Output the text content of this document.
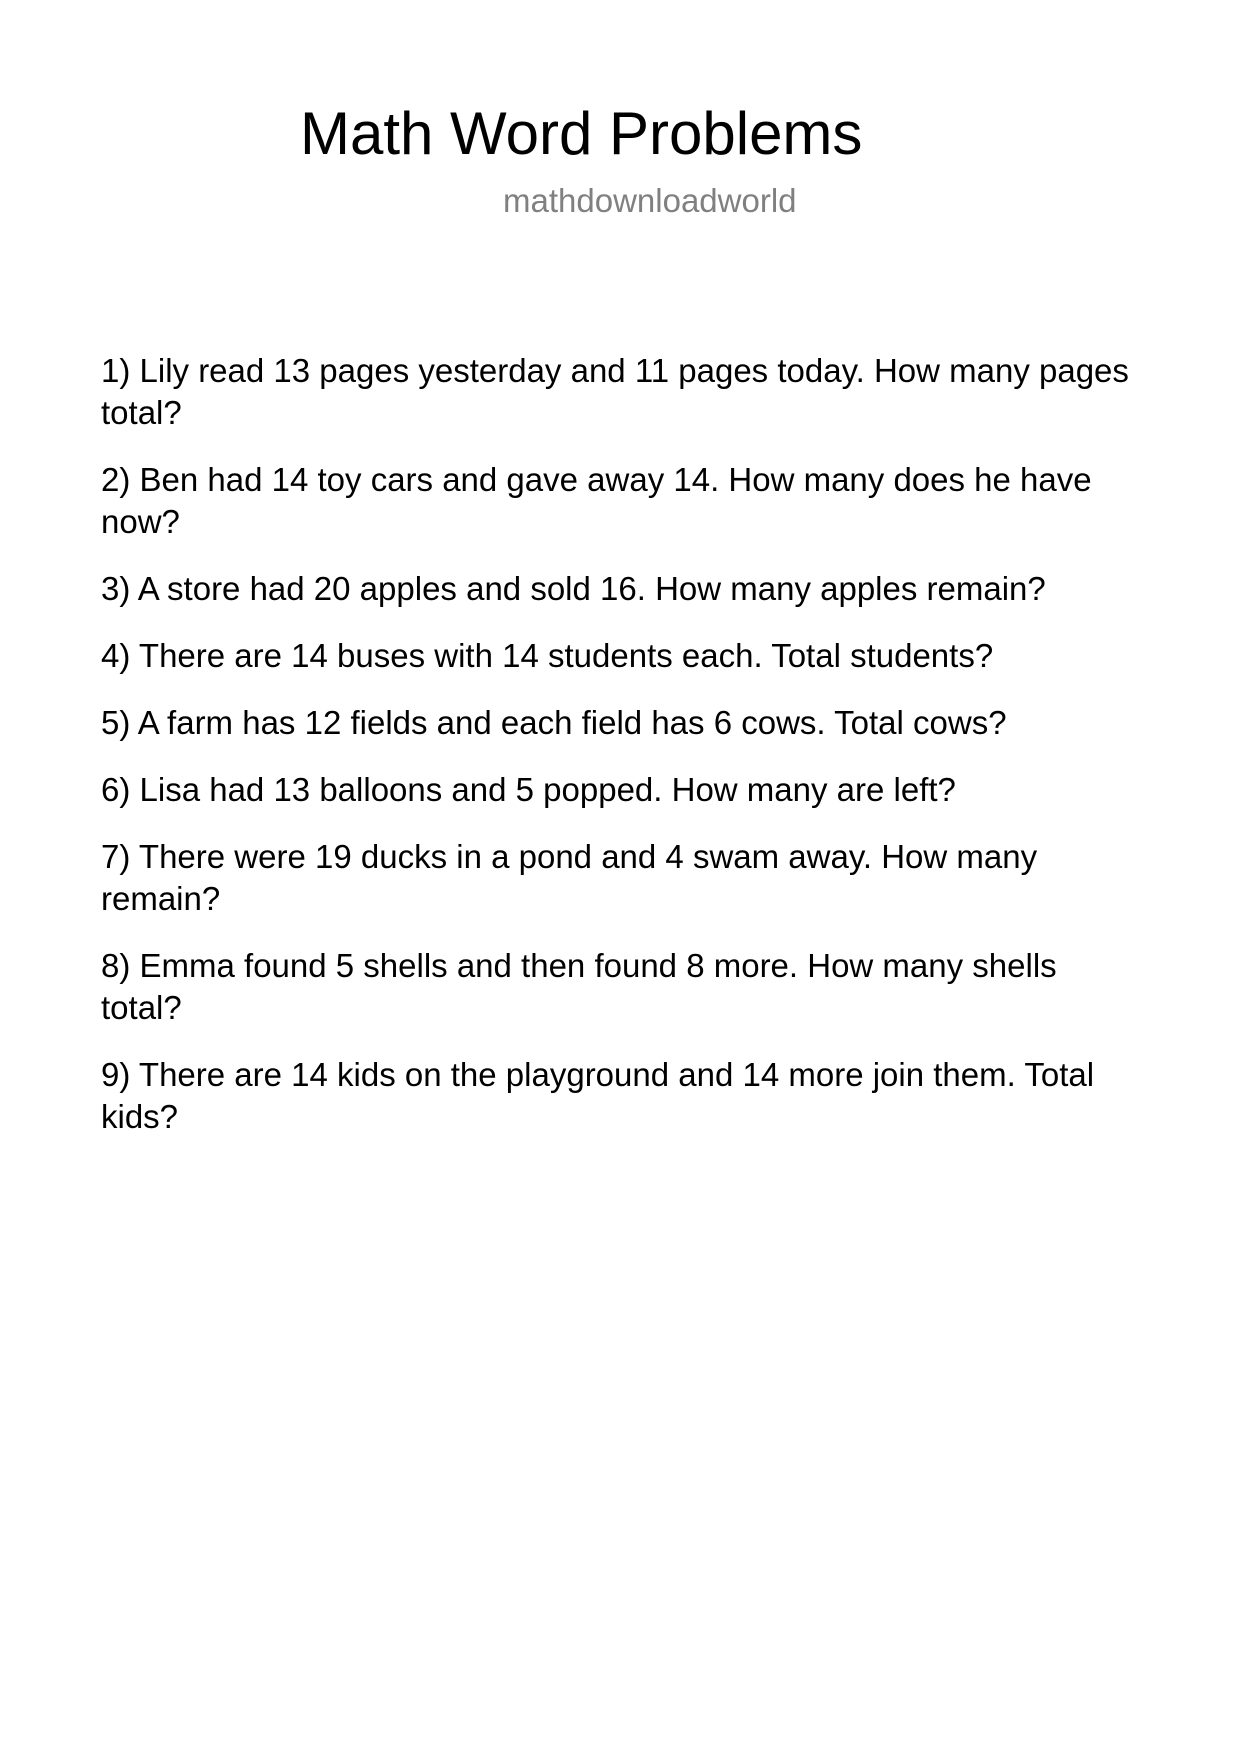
Math Word Problems
mathdownloadworld
1) Lily read 13 pages yesterday and 11 pages today. How many pages total?
2) Ben had 14 toy cars and gave away 14. How many does he have now?
3) A store had 20 apples and sold 16. How many apples remain?
4) There are 14 buses with 14 students each. Total students?
5) A farm has 12 fields and each field has 6 cows. Total cows?
6) Lisa had 13 balloons and 5 popped. How many are left?
7) There were 19 ducks in a pond and 4 swam away. How many remain?
8) Emma found 5 shells and then found 8 more. How many shells total?
9) There are 14 kids on the playground and 14 more join them. Total kids?
